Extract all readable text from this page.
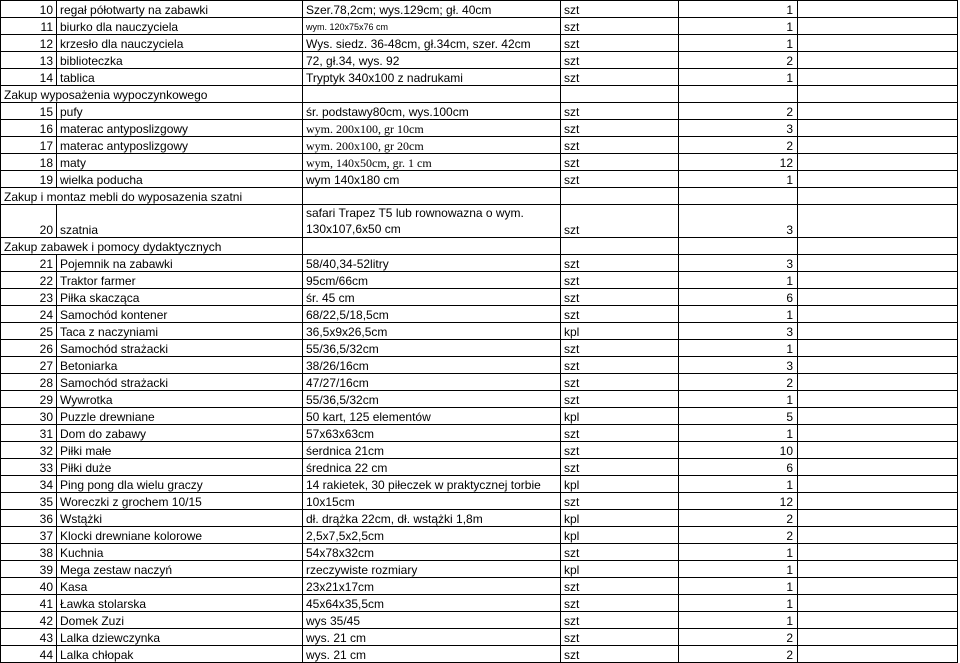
10	regał półotwarty na zabawki	Szer.78,2cm; wys.129cm; gł. 40cm	szt	1	
11	biurko dla nauczyciela	wym. 120x75x76 cm	szt	1	
12	krzesło dla nauczyciela	Wys. siedz. 36-48cm, gł.34cm, szer. 42cm	szt	1	
13	biblioteczka	72, gł.34, wys. 92	szt	2	
14	tablica	Tryptyk 340x100 z nadrukami	szt	1	
Zakup wyposażenia wypoczynkowego					
15	pufy	śr. podstawy80cm, wys.100cm	szt	2	
16	materac antyposlizgowy	wym. 200x100, gr 10cm	szt	3	
17	materac antyposlizgowy	wym. 200x100, gr 20cm	szt	2	
18	maty	wym, 140x50cm, gr. 1 cm	szt	12	
19	wielka poducha	wym 140x180 cm	szt	1	
Zakup i montaz mebli do wyposazenia szatni					
20	szatnia	safari Trapez T5 lub rownowazna o wym. 130x107,6x50 cm	szt	3	
Zakup zabawek i pomocy dydaktycznych					
21	Pojemnik na zabawki	58/40,34-52litry	szt	3	
22	Traktor farmer	95cm/66cm	szt	1	
23	Piłka skacząca	śr. 45 cm	szt	6	
24	Samochód kontener	68/22,5/18,5cm	szt	1	
25	Taca z naczyniami	36,5x9x26,5cm	kpl	3	
26	Samochód strażacki	55/36,5/32cm	szt	1	
27	Betoniarka	38/26/16cm	szt	3	
28	Samochód strażacki	47/27/16cm	szt	2	
29	Wywrotka	55/36,5/32cm	szt	1	
30	Puzzle drewniane	50 kart, 125 elementów	kpl	5	
31	Dom do zabawy	57x63x63cm	szt	1	
32	Piłki małe	śerdnica 21cm	szt	10	
33	Piłki duże	średnica 22 cm	szt	6	
34	Ping pong dla wielu graczy	14 rakietek, 30 piłeczek w praktycznej torbie	kpl	1	
35	Woreczki z grochem 10/15	10x15cm	szt	12	
36	Wstążki	dł. drążka 22cm, dł. wstążki 1,8m	kpl	2	
37	Klocki drewniane kolorowe	2,5x7,5x2,5cm	kpl	2	
38	Kuchnia	54x78x32cm	szt	1	
39	Mega zestaw naczyń	rzeczywiste rozmiary	kpl	1	
40	Kasa	23x21x17cm	szt	1	
41	Ławka stolarska	45x64x35,5cm	szt	1	
42	Domek Zuzi	wys 35/45	szt	1	
43	Lalka dziewczynka	wys. 21 cm	szt	2	
44	Lalka chłopak	wys. 21 cm	szt	2	
